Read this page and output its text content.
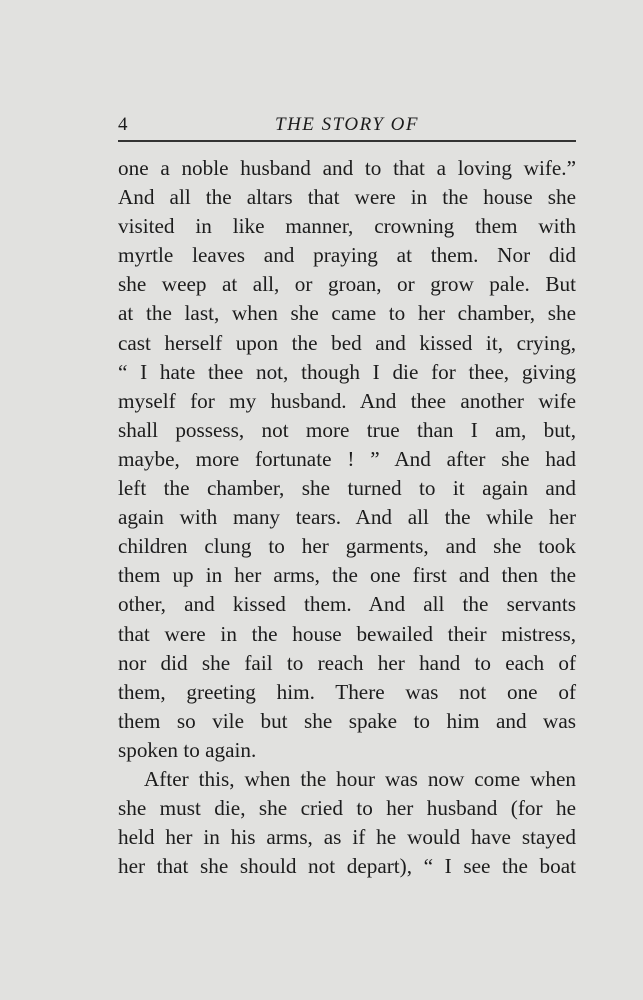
4	THE STORY OF
one a noble husband and to that a loving wife.”
And all the altars that were in the house she
visited in like manner, crowning them with
myrtle leaves and praying at them. Nor did
she weep at all, or groan, or grow pale. But
at the last, when she came to her chamber, she
cast herself upon the bed and kissed it, crying,
“ I hate thee not, though I die for thee, giving
myself for my husband. And thee another wife
shall possess, not more true than I am, but,
maybe, more fortunate ! ” And after she had
left the chamber, she turned to it again and
again with many tears. And all the while her
children clung to her garments, and she took
them up in her arms, the one first and then the
other, and kissed them. And all the servants
that were in the house bewailed their mistress,
nor did she fail to reach her hand to each of
them, greeting him. There was not one of
them so vile but she spake to him and was
spoken to again.
After this, when the hour was now come when
she must die, she cried to her husband (for he
held her in his arms, as if he would have stayed
her that she should not depart), “ I see the boat
